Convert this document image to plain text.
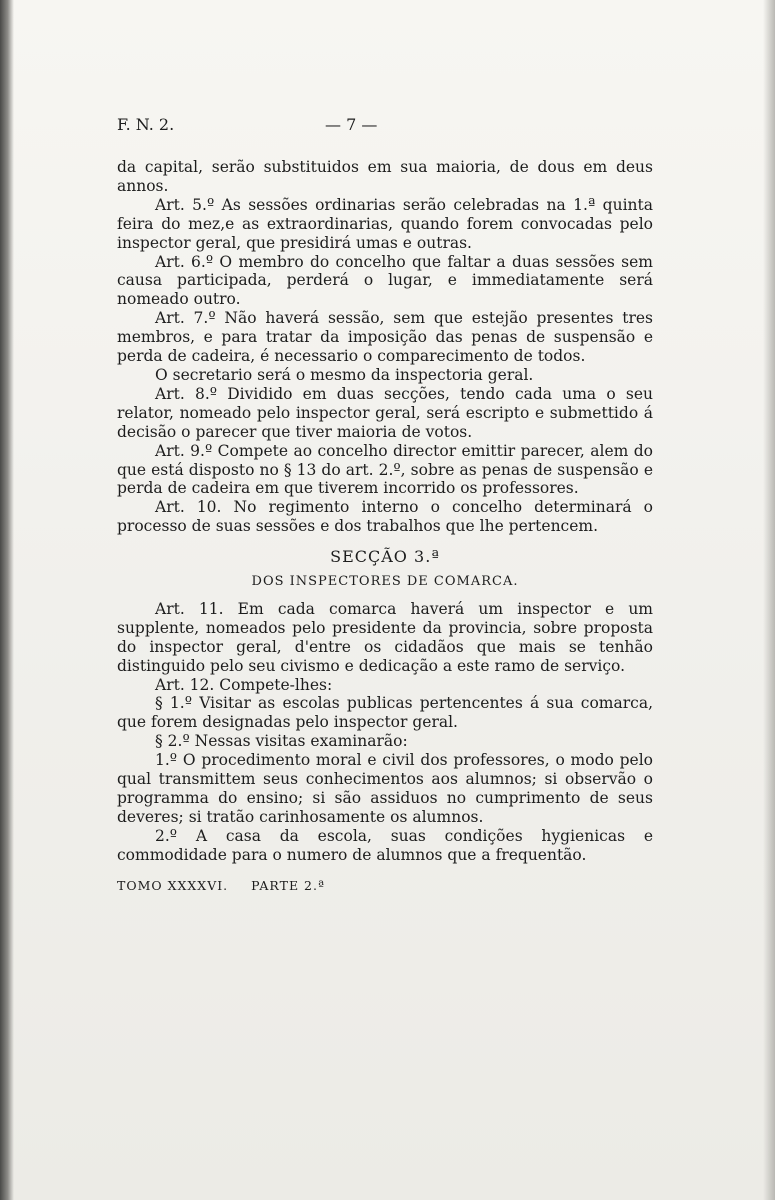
F. N. 2.	— 7 —

da capital, serão substituidos em sua maioria, de dous em deus annos.

Art. 5.º As sessões ordinarias serão celebradas na 1.ª quinta feira do mez,e as extraordinarias, quando forem convocadas pelo inspector geral, que presidirá umas e outras.

Art. 6.º O membro do concelho que faltar a duas sessões sem causa participada, perderá o lugar, e immediatamente será nomeado outro.

Art. 7.º Não haverá sessão, sem que estejão presentes tres membros, e para tratar da imposição das penas de suspensão e perda de cadeira, é necessario o comparecimento de todos.

O secretario será o mesmo da inspectoria geral.

Art. 8.º Dividido em duas secções, tendo cada uma o seu relator, nomeado pelo inspector geral, será escripto e submettido á decisão o parecer que tiver maioria de votos.

Art. 9.º Compete ao concelho director emittir parecer, alem do que está disposto no § 13 do art. 2.º, sobre as penas de suspensão e perda de cadeira em que tiverem incorrido os professores.

Art. 10. No regimento interno o concelho determinará o processo de suas sessões e dos trabalhos que lhe pertencem.

SECÇÃO 3.ª
DOS INSPECTORES DE COMARCA.

Art. 11. Em cada comarca haverá um inspector e um supplente, nomeados pelo presidente da provincia, sobre proposta do inspector geral, d'entre os cidadãos que mais se tenhão distinguido pelo seu civismo e dedicação a este ramo de serviço.

Art. 12. Compete-lhes:

§ 1.º Visitar as escolas publicas pertencentes á sua comarca, que forem designadas pelo inspector geral.

§ 2.º Nessas visitas examinarão:

1.º O procedimento moral e civil dos professores, o modo pelo qual transmittem seus conhecimentos aos alumnos; si observão o programma do ensino; si são assiduos no cumprimento de seus deveres; si tratão carinhosamente os alumnos.

2.º A casa da escola, suas condições hygienicas e commodidade para o numero de alumnos que a frequentão.

TOMO XXXXVI. PARTE 2.ª
